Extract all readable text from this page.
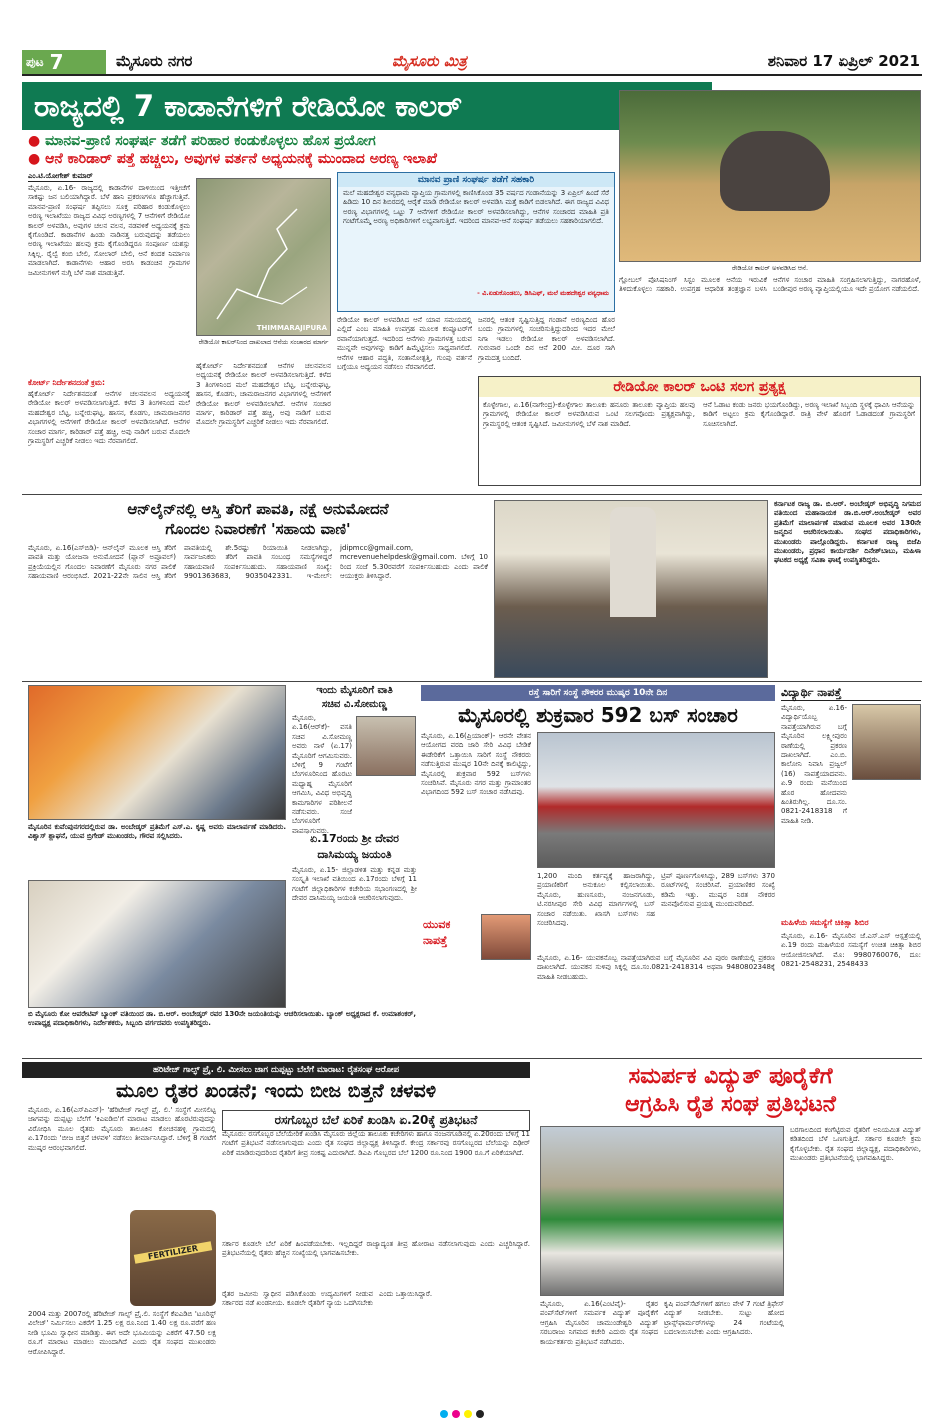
ಪುಟ 7	ಮೈಸೂರು ನಗರ	ಮೈಸೂರು ಮಿತ್ರ	ಶನಿವಾರ 17 ಏಪ್ರಿಲ್ 2021
ರಾಜ್ಯದಲ್ಲಿ 7 ಕಾಡಾನೆಗಳಿಗೆ ರೇಡಿಯೋ ಕಾಲರ್
ರೇಡಿಯೋ ಕಾಲರ್ ಅಳವಡಿಸಿದ ಆನೆ.
● ಮಾನವ-ಪ್ರಾಣಿ ಸಂಘರ್ಷ ತಡೆಗೆ ಪರಿಹಾರ ಕಂಡುಕೊಳ್ಳಲು ಹೊಸ ಪ್ರಯೋಗ
● ಆನೆ ಕಾರಿಡಾರ್ ಪತ್ತೆ ಹಚ್ಚಲು, ಅವುಗಳ ವರ್ತನೆ ಅಧ್ಯಯನಕ್ಕೆ ಮುಂದಾದ ಅರಣ್ಯ ಇಲಾಖೆ
ಎಂ.ಟಿ.ಯೋಗೇಶ್ ಕುಮಾರ್
ಮೈಸೂರು, ಏ.16- ರಾಜ್ಯದಲ್ಲಿ ಕಾಡಾನೆಗಳ ದಾಳಿಯಿಂದ ಇತ್ತೀಚೆಗೆ ಸಾಕಷ್ಟು ಜನ ಬಲಿಯಾಗಿದ್ದಾರೆ. ಬೆಳೆ ಹಾನಿ ಪ್ರಕರಣಗಳೂ ಹೆಚ್ಚಾಗುತ್ತಿವೆ. ಮಾನವ-ಪ್ರಾಣಿ ಸಂಘರ್ಷ ತಪ್ಪಿಸಲು ಸೂಕ್ತ ಪರಿಹಾರ ಕಂಡುಕೊಳ್ಳಲು ಅರಣ್ಯ ಇಲಾಖೆಯು ರಾಜ್ಯದ ವಿವಿಧ ಅರಣ್ಯಗಳಲ್ಲಿ 7 ಆನೆಗಳಿಗೆ ರೇಡಿಯೋ ಕಾಲರ್ ಅಳವಡಿಸಿ, ಅವುಗಳ ಚಲನ ವಲನ, ನಡವಳಿಕೆ ಅಧ್ಯಯನಕ್ಕೆ ಕ್ರಮ ಕೈಗೊಂಡಿದೆ. ಕಾಡಾನೆಗಳ ಹಿಂಡು ನಾಡಿನತ್ತ ಬರುವುದನ್ನು ತಡೆಯಲು ಅರಣ್ಯ ಇಲಾಖೆಯು ಹಲವು ಕ್ರಮ ಕೈಗೊಂಡಿದ್ದರೂ ಸಂಪೂರ್ಣ ಯಶಸ್ಸು ಸಿಕ್ಕಿಲ್ಲ. ರೈಲ್ವೆ ಕಂಬಿ ಬೇಲಿ, ಸೋಲಾರ್ ಬೇಲಿ, ಆನೆ ಕಂದಕ ನಿರ್ಮಾಣ ಮಾಡಲಾಗಿದೆ. ಕಾಡಾನೆಗಳು ಆಹಾರ ಅರಸಿ ಕಾಡಂಚಿನ ಗ್ರಾಮಗಳ ಜಮೀನುಗಳಿಗೆ ನುಗ್ಗಿ ಬೆಳೆ ನಾಶ ಮಾಡುತ್ತಿವೆ.
ಕೋರ್ಟ್ ನಿರ್ದೇಶನದಂತೆ ಕ್ರಮ:
ಹೈಕೋರ್ಟ್ ನಿರ್ದೇಶನದಂತೆ ಆನೆಗಳ ಚಲನವಲನ ಅಧ್ಯಯನಕ್ಕೆ ರೇಡಿಯೋ ಕಾಲರ್ ಅಳವಡಿಸಲಾಗುತ್ತಿದೆ. ಕಳೆದ 3 ತಿಂಗಳಿನಿಂದ ಮಲೆ ಮಹದೇಶ್ವರ ಬೆಟ್ಟ, ಬನ್ನೇರುಘಟ್ಟ, ಹಾಸನ, ಕೊಡಗು, ಚಾಮರಾಜನಗರ ವಿಭಾಗಗಳಲ್ಲಿ ಆನೆಗಳಿಗೆ ರೇಡಿಯೋ ಕಾಲರ್ ಅಳವಡಿಸಲಾಗಿದೆ. ಆನೆಗಳ ಸಂಚಾರ ಮಾರ್ಗ, ಕಾರಿಡಾರ್ ಪತ್ತೆ ಹಚ್ಚಿ, ಅವು ನಾಡಿಗೆ ಬರುವ ಮೊದಲೇ ಗ್ರಾಮಸ್ಥರಿಗೆ ಎಚ್ಚರಿಕೆ ನೀಡಲು ಇದು ನೆರವಾಗಲಿದೆ.
THIMMARAJIPURA
ರೇಡಿಯೋ ಕಾಲರ್‌ನಿಂದ ದಾಖಲಾದ ಆನೆಯ ಸಂಚಾರದ ಮಾರ್ಗ
ಹೈಕೋರ್ಟ್ ನಿರ್ದೇಶನದಂತೆ ಆನೆಗಳ ಚಲನವಲನ ಅಧ್ಯಯನಕ್ಕೆ ರೇಡಿಯೋ ಕಾಲರ್ ಅಳವಡಿಸಲಾಗುತ್ತಿದೆ. ಕಳೆದ 3 ತಿಂಗಳಿನಿಂದ ಮಲೆ ಮಹದೇಶ್ವರ ಬೆಟ್ಟ, ಬನ್ನೇರುಘಟ್ಟ, ಹಾಸನ, ಕೊಡಗು, ಚಾಮರಾಜನಗರ ವಿಭಾಗಗಳಲ್ಲಿ ಆನೆಗಳಿಗೆ ರೇಡಿಯೋ ಕಾಲರ್ ಅಳವಡಿಸಲಾಗಿದೆ. ಆನೆಗಳ ಸಂಚಾರ ಮಾರ್ಗ, ಕಾರಿಡಾರ್ ಪತ್ತೆ ಹಚ್ಚಿ, ಅವು ನಾಡಿಗೆ ಬರುವ ಮೊದಲೇ ಗ್ರಾಮಸ್ಥರಿಗೆ ಎಚ್ಚರಿಕೆ ನೀಡಲು ಇದು ನೆರವಾಗಲಿದೆ.
ಮಾನವ ಪ್ರಾಣಿ ಸಂಘರ್ಷ ತಡೆಗೆ ಸಹಕಾರಿ
ಮಲೆ ಮಹದೇಶ್ವರ ವನ್ಯಧಾಮ ವ್ಯಾಪ್ತಿಯ ಗ್ರಾಮಗಳಲ್ಲಿ ಕಾಣಿಸಿಕೊಂಡ 35 ವರ್ಷದ ಗಂಡಾನೆಯನ್ನು 3 ಏಪ್ರಿಲ್ ಹಿಂದೆ ಸೆರೆ ಹಿಡಿದು 10 ದಿನ ಶಿಬಿರದಲ್ಲಿ ಆರೈಕೆ ಮಾಡಿ ರೇಡಿಯೋ ಕಾಲರ್ ಅಳವಡಿಸಿ ಮತ್ತೆ ಕಾಡಿಗೆ ಬಿಡಲಾಗಿದೆ. ಈಗ ರಾಜ್ಯದ ವಿವಿಧ ಅರಣ್ಯ ವಿಭಾಗಗಳಲ್ಲಿ ಒಟ್ಟು 7 ಆನೆಗಳಿಗೆ ರೇಡಿಯೋ ಕಾಲರ್ ಅಳವಡಿಸಲಾಗಿದ್ದು, ಆನೆಗಳ ಸಂಚಾರದ ಮಾಹಿತಿ ಪ್ರತಿ ಗಂಟೆಗೊಮ್ಮೆ ಅರಣ್ಯ ಅಧಿಕಾರಿಗಳಿಗೆ ಲಭ್ಯವಾಗುತ್ತಿದೆ. ಇದರಿಂದ ಮಾನವ-ಆನೆ ಸಂಘರ್ಷ ತಡೆಯಲು ಸಹಕಾರಿಯಾಗಲಿದೆ.
- ವಿ.ಏಡುಕೊಂಡಲು, ಡಿಸಿಎಫ್, ಮಲೆ ಮಹದೇಶ್ವರ ವನ್ಯಧಾಮ
ರೇಡಿಯೋ ಕಾಲರ್ ಅಳವಡಿಸಿದ ಆನೆ ಯಾವ ಸಮಯದಲ್ಲಿ ಎಲ್ಲಿದೆ ಎಂಬ ಮಾಹಿತಿ ಉಪಗ್ರಹ ಮೂಲಕ ಕಂಪ್ಯೂಟರ್‌ಗೆ ರವಾನೆಯಾಗುತ್ತದೆ. ಇದರಿಂದ ಆನೆಗಳು ಗ್ರಾಮಗಳತ್ತ ಬರುವ ಮುನ್ನವೇ ಅವುಗಳನ್ನು ಕಾಡಿಗೆ ಹಿಮ್ಮೆಟ್ಟಿಸಲು ಸಾಧ್ಯವಾಗಲಿದೆ. ಆನೆಗಳ ಆಹಾರ ಪದ್ಧತಿ, ಸಂತಾನೋತ್ಪತ್ತಿ, ಗುಂಪು ವರ್ತನೆ ಬಗ್ಗೆಯೂ ಅಧ್ಯಯನ ನಡೆಸಲು ನೆರವಾಗಲಿದೆ.
ಜನರಲ್ಲಿ ಆತಂಕ ಸೃಷ್ಟಿಸುತ್ತಿದ್ದ ಗಂಡಾನೆ ಅರಣ್ಯದಿಂದ ಹೊರ ಬಂದು ಗ್ರಾಮಗಳಲ್ಲಿ ಸಂಚರಿಸುತ್ತಿದ್ದುದರಿಂದ ಇದರ ಮೇಲೆ ನಿಗಾ ಇಡಲು ರೇಡಿಯೋ ಕಾಲರ್ ಅಳವಡಿಸಲಾಗಿದೆ. ಗುರುವಾರ ಒಂದೇ ದಿನ ಆನೆ 200 ಮೀ. ದೂರ ಸಾಗಿ ಗ್ರಾಮದತ್ತ ಬಂದಿದೆ.
ಗ್ಲೋಬಲ್ ಪೊಸಿಷನಿಂಗ್ ಸಿಸ್ಟಂ ಮೂಲಕ ಆನೆಯ ಇರುವಿಕೆ ತಿಳಿದುಕೊಳ್ಳಲು ಸಹಕಾರಿ. ಉಪಗ್ರಹ ಆಧಾರಿತ ತಂತ್ರಜ್ಞಾನ ಬಳಸಿ ಆನೆಗಳ ಸಂಚಾರ ಮಾಹಿತಿ ಸಂಗ್ರಹಿಸಲಾಗುತ್ತಿದ್ದು, ನಾಗರಹೊಳೆ, ಬಂಡೀಪುರ ಅರಣ್ಯ ವ್ಯಾಪ್ತಿಯಲ್ಲಿಯೂ ಇದೇ ಪ್ರಯೋಗ ನಡೆಯಲಿದೆ.
ರೇಡಿಯೋ ಕಾಲರ್ ಒಂಟಿ ಸಲಗ ಪ್ರತ್ಯಕ್ಷ
ಕೊಳ್ಳೇಗಾಲ, ಏ.16(ನಾಗೇಂದ್ರ)-ಕೊಳ್ಳೇಗಾಲ ತಾಲೂಕು ಹನೂರು ತಾಲೂಕು ವ್ಯಾಪ್ತಿಯ ಹಲವು ಗ್ರಾಮಗಳಲ್ಲಿ ರೇಡಿಯೋ ಕಾಲರ್ ಅಳವಡಿಸಿರುವ ಒಂಟಿ ಸಲಗವೊಂದು ಪ್ರತ್ಯಕ್ಷವಾಗಿದ್ದು, ಗ್ರಾಮಸ್ಥರಲ್ಲಿ ಆತಂಕ ಸೃಷ್ಟಿಸಿದೆ. ಜಮೀನುಗಳಲ್ಲಿ ಬೆಳೆ ನಾಶ ಮಾಡಿದೆ.
ಆನೆ ಓಡಾಟ ಕಂಡು ಜನರು ಭಯಗೊಂಡಿದ್ದು, ಅರಣ್ಯ ಇಲಾಖೆ ಸಿಬ್ಬಂದಿ ಸ್ಥಳಕ್ಕೆ ಧಾವಿಸಿ ಆನೆಯನ್ನು ಕಾಡಿಗೆ ಅಟ್ಟಲು ಕ್ರಮ ಕೈಗೊಂಡಿದ್ದಾರೆ. ರಾತ್ರಿ ವೇಳೆ ಹೊರಗೆ ಓಡಾಡದಂತೆ ಗ್ರಾಮಸ್ಥರಿಗೆ ಸೂಚಿಸಲಾಗಿದೆ.
ಆನ್‌ಲೈನ್‌ನಲ್ಲಿ ಆಸ್ತಿ ತೆರಿಗೆ ಪಾವತಿ, ನಕ್ಷೆ ಅನುಮೋದನೆ
ಗೊಂದಲ ನಿವಾರಣೆಗೆ 'ಸಹಾಯ ವಾಣಿ'
ಮೈಸೂರು, ಏ.16(ಎಸ್‌ಬಿಡಿ)- ಆನ್‌ಲೈನ್ ಮೂಲಕ ಆಸ್ತಿ ತೆರಿಗೆ ಪಾವತಿ ಮತ್ತು ಯೋಜನಾ ಅನುಮೋದನೆ (ಪ್ಲಾನ್ ಅಪ್ರೂವಲ್) ಪ್ರಕ್ರಿಯೆಯಲ್ಲಿನ ಗೊಂದಲ ನಿವಾರಣೆಗೆ ಮೈಸೂರು ನಗರ ಪಾಲಿಕೆ ಸಹಾಯವಾಣಿ ಆರಂಭಿಸಿದೆ. 2021-22ನೇ ಸಾಲಿನ ಆಸ್ತಿ ತೆರಿಗೆ ಪಾವತಿಯಲ್ಲಿ ಶೇ.5ರಷ್ಟು ರಿಯಾಯಿತಿ ನೀಡಲಾಗಿದ್ದು, ಸಾರ್ವಜನಿಕರು ತೆರಿಗೆ ಪಾವತಿ ಸಂಬಂಧ ಸಮಸ್ಯೆಗಳಿದ್ದರೆ ಸಹಾಯವಾಣಿ ಸಂಪರ್ಕಿಸಬಹುದು. ಸಹಾಯವಾಣಿ ಸಂಖ್ಯೆ: 9901363683, 9035042331. ಇ-ಮೇಲ್: jdipmcc@gmail.com, mcrevenuehelpdesk@gmail.com. ಬೆಳಿಗ್ಗೆ 10 ರಿಂದ ಸಂಜೆ 5.30ರವರೆಗೆ ಸಂಪರ್ಕಿಸಬಹುದು ಎಂದು ಪಾಲಿಕೆ ಆಯುಕ್ತರು ತಿಳಿಸಿದ್ದಾರೆ.
ಕರ್ನಾಟಕ ರಾಜ್ಯ ಡಾ. ಬಿ.ಆರ್. ಅಂಬೇಡ್ಕರ್ ಅಭಿವೃದ್ಧಿ ನಿಗಮದ ವತಿಯಿಂದ ಮಹಾನಾಯಕ ಡಾ.ಬಿ.ಆರ್.ಅಂಬೇಡ್ಕರ್ ಅವರ ಪ್ರತಿಮೆಗೆ ಮಾಲಾರ್ಪಣೆ ಮಾಡುವ ಮೂಲಕ ಅವರ 130ನೇ ಜನ್ಮದಿನ ಆಚರಿಸಲಾಯಿತು. ಸಂಘದ ಪದಾಧಿಕಾರಿಗಳು, ಮುಖಂಡರು ಪಾಲ್ಗೊಂಡಿದ್ದರು. ಕರ್ನಾಟಕ ರಾಜ್ಯ ಬಿಜೆಪಿ ಮುಖಂಡರು, ಪ್ರಧಾನ ಕಾರ್ಯದರ್ಶಿ ದಿನೇಶ್‌ಬಾಬು, ಮಹಿಳಾ ಘಟಕದ ಅಧ್ಯಕ್ಷೆ ಸವಿತಾ ಘಾಟ್ಕೆ ಉಪಸ್ಥಿತರಿದ್ದರು.
ಮೈಸೂರಿನ ಕುವೆಂಪುನಗರದಲ್ಲಿರುವ ಡಾ. ಅಂಬೇಡ್ಕರ್ ಪ್ರತಿಮೆಗೆ ಎಸ್.ಎ. ಕೃಷ್ಣ ಅವರು ಮಾಲಾರ್ಪಣೆ ಮಾಡಿದರು. ವಿಶ್ವಾಸ್ ಶ್ಲಾಘನೆ, ಯುವ ಬ್ರಿಗೇಡ್ ಮುಖಂಡರು, ಗೌರವ ಸಲ್ಲಿಸಿದರು.
ಇಂದು ಮೈಸೂರಿಗೆ ವಾತಿ
ಸಚಿವ ವಿ.ಸೋಮಣ್ಣ
ಮೈಸೂರು, ಏ.16(ಆರ್‌ಕೆ)- ವಸತಿ ಸಚಿವ ವಿ.ಸೋಮಣ್ಣ ಅವರು ನಾಳೆ (ಏ.17) ಮೈಸೂರಿಗೆ ಆಗಮಿಸುವರು. ಬೆಳಿಗ್ಗೆ 9 ಗಂಟೆಗೆ ಬೆಂಗಳೂರಿನಿಂದ ಹೊರಟು ಮಧ್ಯಾಹ್ನ ಮೈಸೂರಿಗೆ ಆಗಮಿಸಿ, ವಿವಿಧ ಅಭಿವೃದ್ಧಿ ಕಾಮಗಾರಿಗಳ ಪರಿಶೀಲನೆ ನಡೆಸುವರು. ಸಂಜೆ ಬೆಂಗಳೂರಿಗೆ ವಾಪಸ್ಸಾಗುವರು.
ಏ.17ರಂದು ಶ್ರೀ ದೇವರ
ದಾಸಿಮಯ್ಯ ಜಯಂತಿ
ಮೈಸೂರು, ಏ.15- ಜಿಲ್ಲಾಡಳಿತ ಮತ್ತು ಕನ್ನಡ ಮತ್ತು ಸಂಸ್ಕೃತಿ ಇಲಾಖೆ ವತಿಯಿಂದ ಏ.17ರಂದು ಬೆಳಿಗ್ಗೆ 11 ಗಂಟೆಗೆ ಜಿಲ್ಲಾಧಿಕಾರಿಗಳ ಕಚೇರಿಯ ಸಭಾಂಗಣದಲ್ಲಿ ಶ್ರೀ ದೇವರ ದಾಸಿಮಯ್ಯ ಜಯಂತಿ ಆಚರಿಸಲಾಗುವುದು.
ರಸ್ತೆ ಸಾರಿಗೆ ಸಂಸ್ಥೆ ನೌಕರರ ಮುಷ್ಕರ 10ನೇ ದಿನ
ಮೈಸೂರಲ್ಲಿ ಶುಕ್ರವಾರ 592 ಬಸ್ ಸಂಚಾರ
ಮೈಸೂರು, ಏ.16(ಪ್ರಿಯಾಂಕ್)- ಆರನೇ ವೇತನ ಆಯೋಗದ ವರದಿ ಜಾರಿ ಸೇರಿ ವಿವಿಧ ಬೇಡಿಕೆ ಈಡೇರಿಕೆಗೆ ಒತ್ತಾಯಿಸಿ ಸಾರಿಗೆ ಸಂಸ್ಥೆ ನೌಕರರು ನಡೆಸುತ್ತಿರುವ ಮುಷ್ಕರ 10ನೇ ದಿನಕ್ಕೆ ಕಾಲಿಟ್ಟಿದ್ದು, ಮೈಸೂರಲ್ಲಿ ಶುಕ್ರವಾರ 592 ಬಸ್‌ಗಳು ಸಂಚರಿಸಿವೆ. ಮೈಸೂರು ನಗರ ಮತ್ತು ಗ್ರಾಮಾಂತರ ವಿಭಾಗದಿಂದ 592 ಬಸ್ ಸಂಚಾರ ನಡೆಸಿದವು.
1,200 ಮಂದಿ ಕರ್ತವ್ಯಕ್ಕೆ ಹಾಜರಾಗಿದ್ದು, ಪ್ರಯಾಣಿಕರಿಗೆ ಅನುಕೂಲ ಕಲ್ಪಿಸಲಾಯಿತು. ಮೈಸೂರು, ಹುಣಸೂರು, ನಂಜನಗೂಡು, ಟಿ.ನರಸೀಪುರ ಸೇರಿ ವಿವಿಧ ಮಾರ್ಗಗಳಲ್ಲಿ ಬಸ್ ಸಂಚಾರ ನಡೆಯಿತು. ಖಾಸಗಿ ಬಸ್‌ಗಳು ಸಹ ಸಂಚರಿಸಿದವು.
ಟ್ರಿಪ್ ಪೂರ್ಣಗೊಳಿಸಿದ್ದು, 289 ಬಸ್‌ಗಳು 370 ರೂಟ್‌ಗಳಲ್ಲಿ ಸಂಚರಿಸಿವೆ. ಪ್ರಯಾಣಿಕರ ಸಂಖ್ಯೆ ಕಡಿಮೆ ಇತ್ತು. ಮುಷ್ಕರ ನಿರತ ನೌಕರರ ಮನವೊಲಿಸುವ ಪ್ರಯತ್ನ ಮುಂದುವರಿದಿದೆ.
ಯುವಕ
ನಾಪತ್ತೆ
ಮೈಸೂರು, ಏ.16- ಯುವಕನೊಬ್ಬ ನಾಪತ್ತೆಯಾಗಿರುವ ಬಗ್ಗೆ ಮೈಸೂರಿನ ವಿವಿ ಪುರಂ ಠಾಣೆಯಲ್ಲಿ ಪ್ರಕರಣ ದಾಖಲಾಗಿದೆ. ಯುವಕನ ಸುಳಿವು ಸಿಕ್ಕಲ್ಲಿ ದೂ.ಸಂ.0821-2418314 ಅಥವಾ 9480802348ಕ್ಕೆ ಮಾಹಿತಿ ನೀಡಬಹುದು.
ವಿದ್ಯಾರ್ಥಿ ನಾಪತ್ತೆ
ಮೈಸೂರು, ಏ.16-ವಿದ್ಯಾರ್ಥಿಯೊಬ್ಬ ನಾಪತ್ತೆಯಾಗಿರುವ ಬಗ್ಗೆ ಮೈಸೂರಿನ ಲಕ್ಷ್ಮೀಪುರಂ ಠಾಣೆಯಲ್ಲಿ ಪ್ರಕರಣ ದಾಖಲಾಗಿದೆ. ಎಂ.ಬಿ. ಕಾಲೋನಿ ನಿವಾಸಿ ಪ್ರಜ್ವಲ್ (16) ನಾಪತ್ತೆಯಾದವನು. ಏ.9 ರಂದು ಮನೆಯಿಂದ ಹೊರ ಹೋದವನು ಹಿಂತಿರುಗಿಲ್ಲ. ದೂ.ಸಂ. 0821-2418318 ಗೆ ಮಾಹಿತಿ ನೀಡಿ.
ಮಹಿಳೆಯ ಸಮಸ್ಯೆಗೆ ಚಿಕಿತ್ಸಾ ಶಿಬಿರ
ಮೈಸೂರು, ಏ.16- ಮೈಸೂರಿನ ಜೆ.ಎಸ್.ಎಸ್ ಆಸ್ಪತ್ರೆಯಲ್ಲಿ ಏ.19 ರಂದು ಮಹಿಳೆಯರ ಸಮಸ್ಯೆಗೆ ಉಚಿತ ಚಿಕಿತ್ಸಾ ಶಿಬಿರ ಆಯೋಜಿಸಲಾಗಿದೆ. ಮೊ: 9980760076, ದೂ: 0821-2548231, 2548433
ಬಿ ಮೈಸೂರು ಕೋ ಆಪರೇಟಿವ್ ಬ್ಯಾಂಕ್ ವತಿಯಿಂದ ಡಾ. ಬಿ.ಆರ್. ಅಂಬೇಡ್ಕರ್ ರವರ 130ನೇ ಜಯಂತಿಯನ್ನು ಆಚರಿಸಲಾಯಿತು. ಬ್ಯಾಂಕ್ ಅಧ್ಯಕ್ಷರಾದ ಕೆ. ಉಮಾಶಂಕರ್, ಉಪಾಧ್ಯಕ್ಷ ಪದಾಧಿಕಾರಿಗಳು, ನಿರ್ದೇಶಕರು, ಸಿಬ್ಬಂದಿ ವರ್ಗದವರು ಉಪಸ್ಥಿತರಿದ್ದರು.
ಹರಿಟೇಜ್ ಗಾಲ್ಫ್ ಪ್ರೈ. ಲಿ. ಮೀಸಲು ಜಾಗ ದುಪ್ಪಟ್ಟು ಬೆಲೆಗೆ ಮಾರಾಟ: ರೈತಸಂಘ ಆರೋಪ
ಮೂಲ ರೈತರ ಖಂಡನೆ; ಇಂದು ಬೀಜ ಬಿತ್ತನೆ ಚಳವಳಿ
ಮೈಸೂರು, ಏ.16(ಎಸ್‌ಪಿಎನ್)- 'ಹೆರಿಟೇಜ್ ಗಾಲ್ಫ್ ಪ್ರೈ. ಲಿ.' ಸಂಸ್ಥೆಗೆ ಮೀಸಲಿಟ್ಟ ಜಾಗವನ್ನು ದುಪ್ಪಟ್ಟು ಬೆಲೆಗೆ 'ಕಿಎಐಡಿಬಿ'ಗೆ ಮಾರಾಟ ಮಾಡಲು ಹೊರಟಿರುವುದನ್ನು ವಿರೋಧಿಸಿ ಮೂಲ ರೈತರು ಮೈಸೂರು ತಾಲೂಕಿನ ಕೋಚನಹಳ್ಳಿ ಗ್ರಾಮದಲ್ಲಿ ಏ.17ರಂದು 'ಬೀಜ ಬಿತ್ತನೆ ಚಳವಳಿ' ನಡೆಸಲು ತೀರ್ಮಾನಿಸಿದ್ದಾರೆ. ಬೆಳಿಗ್ಗೆ 8 ಗಂಟೆಗೆ ಮುಷ್ಕರ ಆರಂಭವಾಗಲಿದೆ.
FERTILIZER
2004 ಮತ್ತು 2007ರಲ್ಲಿ ಹೆರಿಟೇಜ್ ಗಾಲ್ಫ್ ಪ್ರೈ.ಲಿ. ಸಂಸ್ಥೆಗೆ ಕೆಐಎಡಿಬಿ 'ಟೂರಿಸ್ಟ್ ವಿಲೇಜ್' ನಿರ್ಮಿಸಲು ಎಕರೆಗೆ 1.25 ಲಕ್ಷ ರೂ.ನಿಂದ 1.40 ಲಕ್ಷ ರೂ.ವರೆಗೆ ಹಣ ನೀಡಿ ಭೂಮಿ ಸ್ವಾಧೀನ ಮಾಡಿತ್ತು. ಈಗ ಅದೇ ಭೂಮಿಯನ್ನು ಎಕರೆಗೆ 47.50 ಲಕ್ಷ ರೂ.ಗೆ ಮಾರಾಟ ಮಾಡಲು ಮುಂದಾಗಿದೆ ಎಂದು ರೈತ ಸಂಘದ ಮುಖಂಡರು ಆರೋಪಿಸಿದ್ದಾರೆ.
ರಸಗೊಬ್ಬರ ಬೆಲೆ ಏರಿಕೆ ಖಂಡಿಸಿ ಏ.20ಕ್ಕೆ ಪ್ರತಿಭಟನೆ
ಮೈಸೂರು: ರಸಗೊಬ್ಬರ ಬೆಲೆಯೇರಿಕೆ ಖಂಡಿಸಿ ಮೈಸೂರು ಜಿಲ್ಲೆಯ ತಾಲೂಕು ಕಚೇರಿಗಳು ಹಾಗೂ ನಂಜನಗೂಡಿನಲ್ಲಿ ಏ.20ರಂದು ಬೆಳಿಗ್ಗೆ 11 ಗಂಟೆಗೆ ಪ್ರತಿಭಟನೆ ನಡೆಸಲಾಗುವುದು ಎಂದು ರೈತ ಸಂಘದ ಜಿಲ್ಲಾಧ್ಯಕ್ಷ ತಿಳಿಸಿದ್ದಾರೆ. ಕೇಂದ್ರ ಸರ್ಕಾರವು ರಸಗೊಬ್ಬರದ ಬೆಲೆಯನ್ನು ದಿಢೀರ್ ಏರಿಕೆ ಮಾಡಿರುವುದರಿಂದ ರೈತರಿಗೆ ತೀವ್ರ ಸಂಕಷ್ಟ ಎದುರಾಗಿದೆ. ಡಿಎಪಿ ಗೊಬ್ಬರದ ಬೆಲೆ 1200 ರೂ.ನಿಂದ 1900 ರೂ.ಗೆ ಏರಿಕೆಯಾಗಿದೆ.
ಸರ್ಕಾರ ಕೂಡಲೇ ಬೆಲೆ ಏರಿಕೆ ಹಿಂಪಡೆಯಬೇಕು. ಇಲ್ಲದಿದ್ದರೆ ರಾಜ್ಯಾದ್ಯಂತ ತೀವ್ರ ಹೋರಾಟ ನಡೆಸಲಾಗುವುದು ಎಂದು ಎಚ್ಚರಿಸಿದ್ದಾರೆ. ಪ್ರತಿಭಟನೆಯಲ್ಲಿ ರೈತರು ಹೆಚ್ಚಿನ ಸಂಖ್ಯೆಯಲ್ಲಿ ಭಾಗವಹಿಸಬೇಕು.
ರೈತರ ಜಮೀನು ಸ್ವಾಧೀನ ಪಡಿಸಿಕೊಂಡು ಉದ್ಯಮಿಗಳಿಗೆ ನೀಡುವ ಸರ್ಕಾರದ ನಡೆ ಖಂಡನೀಯ. ಕೂಡಲೇ ರೈತರಿಗೆ ನ್ಯಾಯ ಒದಗಿಸಬೇಕು ಎಂದು ಒತ್ತಾಯಿಸಿದ್ದಾರೆ.
ಸಮರ್ಪಕ ವಿದ್ಯುತ್ ಪೂರೈಕೆಗೆ
ಆಗ್ರಹಿಸಿ ರೈತ ಸಂಘ ಪ್ರತಿಭಟನೆ
ಬರಗಾಲದಿಂದ ಕಂಗೆಟ್ಟಿರುವ ರೈತರಿಗೆ ಅನಿಯಮಿತ ವಿದ್ಯುತ್ ಕಡಿತದಿಂದ ಬೆಳೆ ಒಣಗುತ್ತಿದೆ. ಸರ್ಕಾರ ಕೂಡಲೇ ಕ್ರಮ ಕೈಗೊಳ್ಳಬೇಕು. ರೈತ ಸಂಘದ ಜಿಲ್ಲಾಧ್ಯಕ್ಷ, ಪದಾಧಿಕಾರಿಗಳು, ಮುಖಂಡರು ಪ್ರತಿಭಟನೆಯಲ್ಲಿ ಭಾಗವಹಿಸಿದ್ದರು.
ಮೈಸೂರು, ಏ.16(ಎಂಟಿವೈ)- ರೈತರ ಪಂಪ್‌ಸೆಟ್‌ಗಳಿಗೆ ಸಮರ್ಪಕ ವಿದ್ಯುತ್ ಪೂರೈಕೆಗೆ ಆಗ್ರಹಿಸಿ ಮೈಸೂರಿನ ಚಾಮುಂಡೇಶ್ವರಿ ವಿದ್ಯುತ್ ಸರಬರಾಜು ನಿಗಮದ ಕಚೇರಿ ಎದುರು ರೈತ ಸಂಘದ ಕಾರ್ಯಕರ್ತರು ಪ್ರತಿಭಟನೆ ನಡೆಸಿದರು.
ಕೃಷಿ ಪಂಪ್‌ಸೆಟ್‌ಗಳಿಗೆ ಹಗಲು ವೇಳೆ 7 ಗಂಟೆ ತ್ರಿಫೇಸ್ ವಿದ್ಯುತ್ ನೀಡಬೇಕು. ಸುಟ್ಟು ಹೋದ ಟ್ರಾನ್ಸ್‌ಫಾರ್ಮರ್‌ಗಳನ್ನು 24 ಗಂಟೆಯಲ್ಲಿ ಬದಲಾಯಿಸಬೇಕು ಎಂದು ಆಗ್ರಹಿಸಿದರು.
